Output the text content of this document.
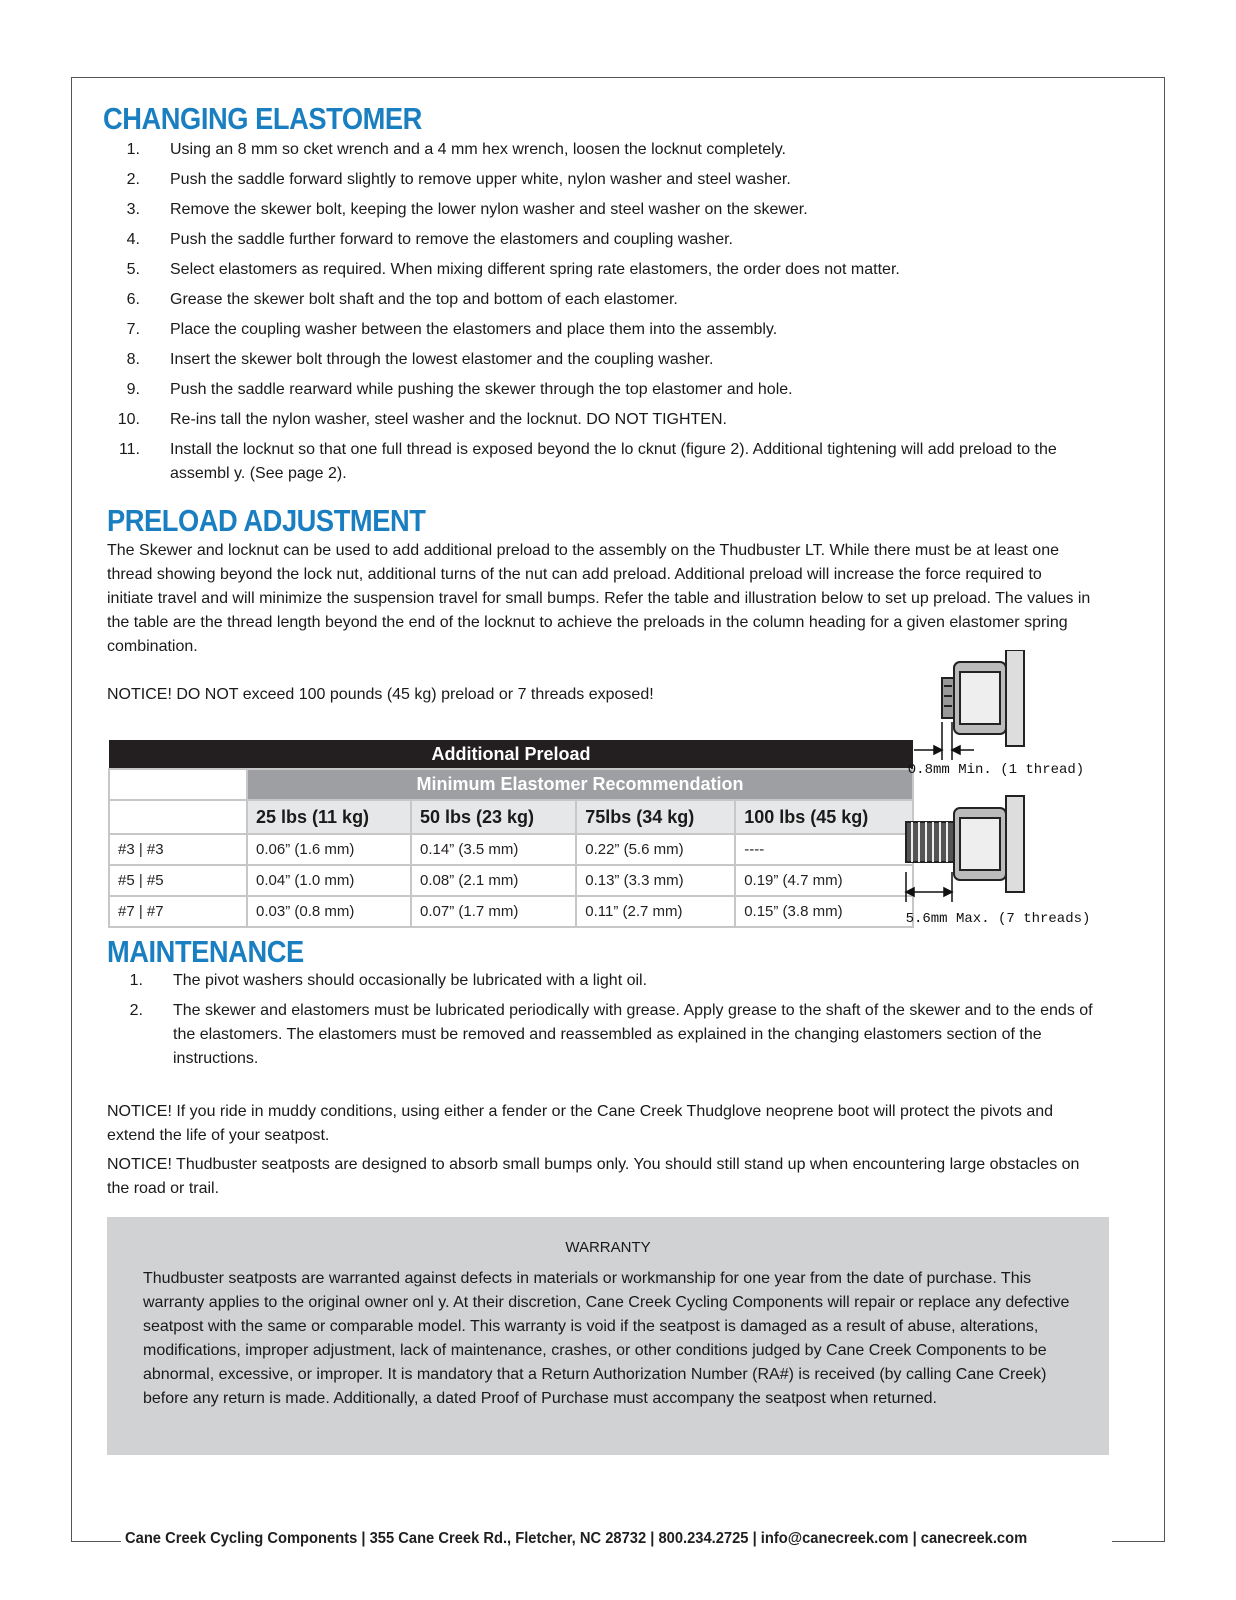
CHANGING ELASTOMER
1. Using an 8 mm so cket wrench and a 4 mm hex wrench, loosen the locknut completely.
2. Push the saddle forward slightly to remove upper white, nylon washer and steel washer.
3. Remove the skewer bolt, keeping the lower nylon washer and steel washer on the skewer.
4. Push the saddle further forward to remove the elastomers and coupling washer.
5. Select elastomers as required. When mixing different spring rate elastomers, the order does not matter.
6. Grease the skewer bolt shaft and the top and bottom of each elastomer.
7. Place the coupling washer between the elastomers and place them into the assembly.
8. Insert the skewer bolt through the lowest elastomer and the coupling washer.
9. Push the saddle rearward while pushing the skewer through the top elastomer and hole.
10. Re-ins tall the nylon washer, steel washer and the locknut. DO NOT TIGHTEN.
11. Install the locknut so that one full thread is exposed beyond the lo cknut (figure 2). Additional tightening will add preload to the assembl y. (See page 2).
PRELOAD ADJUSTMENT

The Skewer and locknut can be used to add additional preload to the assembly on the Thudbuster LT. While there must be at least one thread showing beyond the lock nut, additional turns of the nut can add preload. Additional preload will increase the force required to initiate travel and will minimize the suspension travel for small bumps. Refer the table and illustration below to set up preload. The values in the table are the thread length beyond the end of the locknut to achieve the preloads in the column heading for a given elastomer spring combination.

NOTICE! DO NOT exceed 100 pounds (45 kg) preload or 7 threads exposed!

Additional Preload				
	Minimum Elastomer Recommendation			
	25 lbs (11 kg)	50 lbs (23 kg)	75lbs (34 kg)	100 lbs (45 kg)
#3 | #3	0.06” (1.6 mm)	0.14” (3.5 mm)	0.22” (5.6 mm)	----
#5 | #5	0.04” (1.0 mm)	0.08” (2.1 mm)	0.13” (3.3 mm)	0.19” (4.7 mm)
#7 | #7	0.03” (0.8 mm)	0.07” (1.7 mm)	0.11” (2.7 mm)	0.15” (3.8 mm)
0.8mm Min. (1 thread)
5.6mm Max. (7 threads)
MAINTENANCE
1. The pivot washers should occasionally be lubricated with a light oil.
2. The skewer and elastomers must be lubricated periodically with grease. Apply grease to the shaft of the skewer and to the ends of the elastomers. The elastomers must be removed and reassembled as explained in the changing elastomers section of the instructions.

NOTICE! If you ride in muddy conditions, using either a fender or the Cane Creek Thudglove neoprene boot will protect the pivots and extend the life of your seatpost.

NOTICE! Thudbuster seatposts are designed to absorb small bumps only. You should still stand up when encountering large obstacles on the road or trail.

WARRANTY

Thudbuster seatposts are warranted against defects in materials or workmanship for one year from the date of purchase. This warranty applies to the original owner onl y. At their discretion, Cane Creek Cycling Components will repair or replace any defective seatpost with the same or comparable model. This warranty is void if the seatpost is damaged as a result of abuse, alterations, modifications, improper adjustment, lack of maintenance, crashes, or other conditions judged by Cane Creek Components to be abnormal, excessive, or improper. It is mandatory that a Return Authorization Number (RA#) is received (by calling Cane Creek) before any return is made. Additionally, a dated Proof of Purchase must accompany the seatpost when returned.

Cane Creek Cycling Components | 355 Cane Creek Rd., Fletcher, NC 28732 | 800.234.2725 | info@canecreek.com | canecreek.com
